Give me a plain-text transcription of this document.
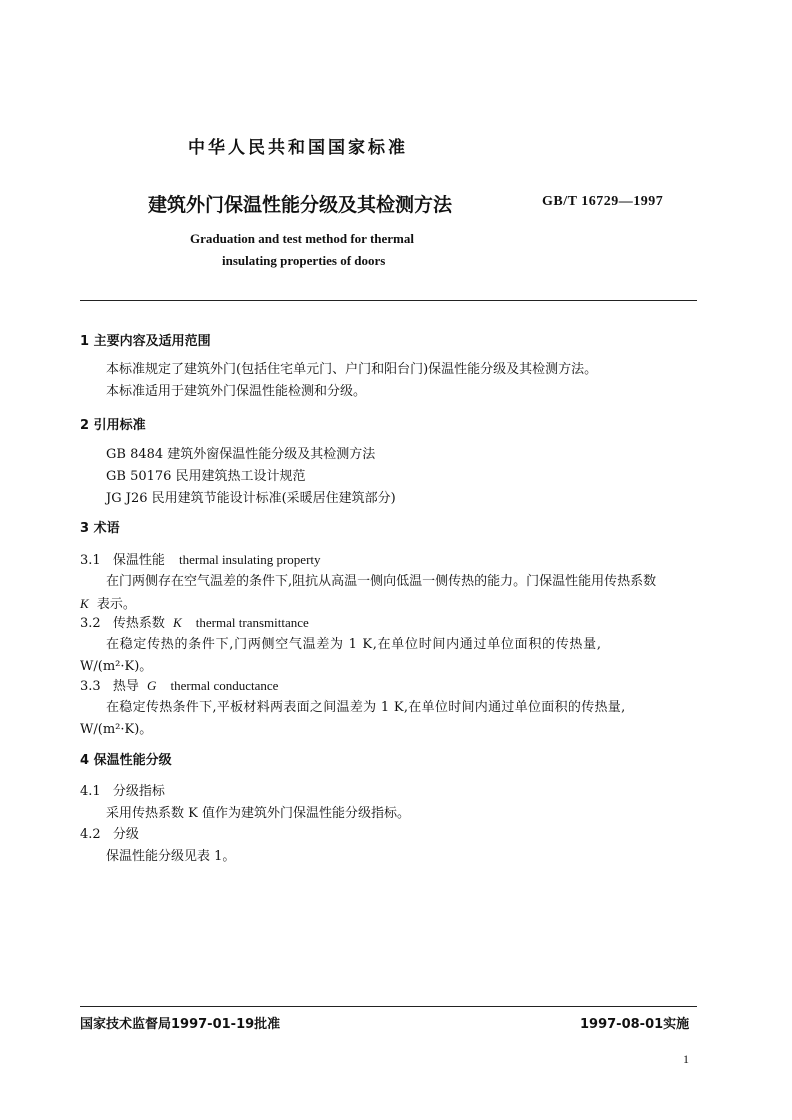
中华人民共和国国家标准
建筑外门保温性能分级及其检测方法	GB/T 16729—1997
Graduation and test method for thermal
insulating properties of doors
1 主要内容及适用范围
本标准规定了建筑外门(包括住宅单元门、户门和阳台门)保温性能分级及其检测方法。
本标准适用于建筑外门保温性能检测和分级。
2 引用标准
GB 8484 建筑外窗保温性能分级及其检测方法
GB 50176 民用建筑热工设计规范
JG J26 民用建筑节能设计标准(采暖居住建筑部分)
3 术语
3.1 保温性能 thermal insulating property
在门两侧存在空气温差的条件下,阻抗从高温一侧向低温一侧传热的能力。门保温性能用传热系数
K 表示。
3.2 传热系数 K thermal transmittance
在稳定传热的条件下,门两侧空气温差为 1 K,在单位时间内通过单位面积的传热量,
W/(m²·K)。
3.3 热导 G thermal conductance
在稳定传热条件下,平板材料两表面之间温差为 1 K,在单位时间内通过单位面积的传热量,
W/(m²·K)。
4 保温性能分级
4.1 分级指标
采用传热系数 K 值作为建筑外门保温性能分级指标。
4.2 分级
保温性能分级见表 1。
国家技术监督局1997-01-19批准	1997-08-01实施
1
